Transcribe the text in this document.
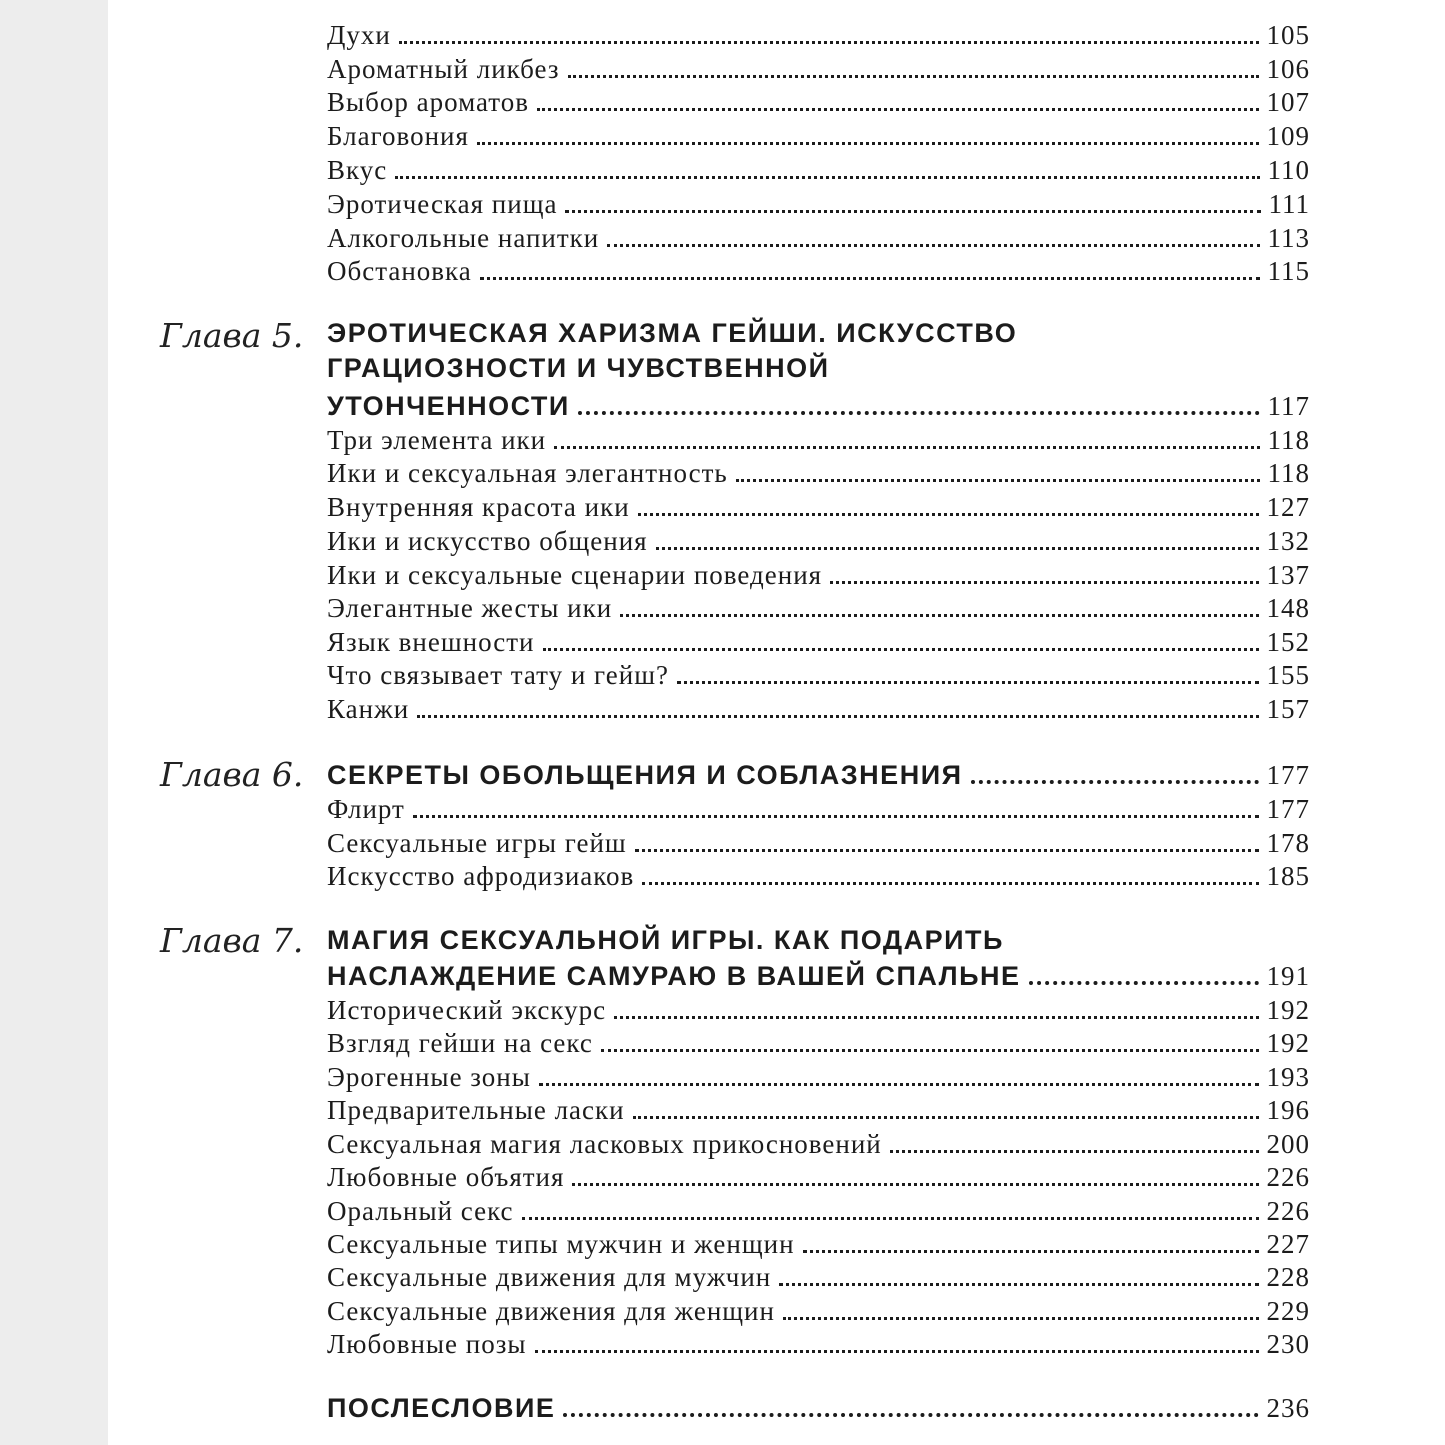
Духи	105
Ароматный ликбез	106
Выбор ароматов	107
Благовония	109
Вкус	110
Эротическая пища	111
Алкогольные напитки	113
Обстановка	115
Глава 5. ЭРОТИЧЕСКАЯ ХАРИЗМА ГЕЙШИ. ИСКУССТВО
ГРАЦИОЗНОСТИ И ЧУВСТВЕННОЙ
УТОНЧЕННОСТИ	117
Три элемента ики	118
Ики и сексуальная элегантность	118
Внутренняя красота ики	127
Ики и искусство общения	132
Ики и сексуальные сценарии поведения	137
Элегантные жесты ики	148
Язык внешности	152
Что связывает тату и гейш?	155
Канжи	157
Глава 6. СЕКРЕТЫ ОБОЛЬЩЕНИЯ И СОБЛАЗНЕНИЯ	177
Флирт	177
Сексуальные игры гейш	178
Искусство афродизиаков	185
Глава 7. МАГИЯ СЕКСУАЛЬНОЙ ИГРЫ. КАК ПОДАРИТЬ
НАСЛАЖДЕНИЕ САМУРАЮ В ВАШЕЙ СПАЛЬНЕ	191
Исторический экскурс	192
Взгляд гейши на секс	192
Эрогенные зоны	193
Предварительные ласки	196
Сексуальная магия ласковых прикосновений	200
Любовные объятия	226
Оральный секс	226
Сексуальные типы мужчин и женщин	227
Сексуальные движения для мужчин	228
Сексуальные движения для женщин	229
Любовные позы	230
ПОСЛЕСЛОВИЕ	236
